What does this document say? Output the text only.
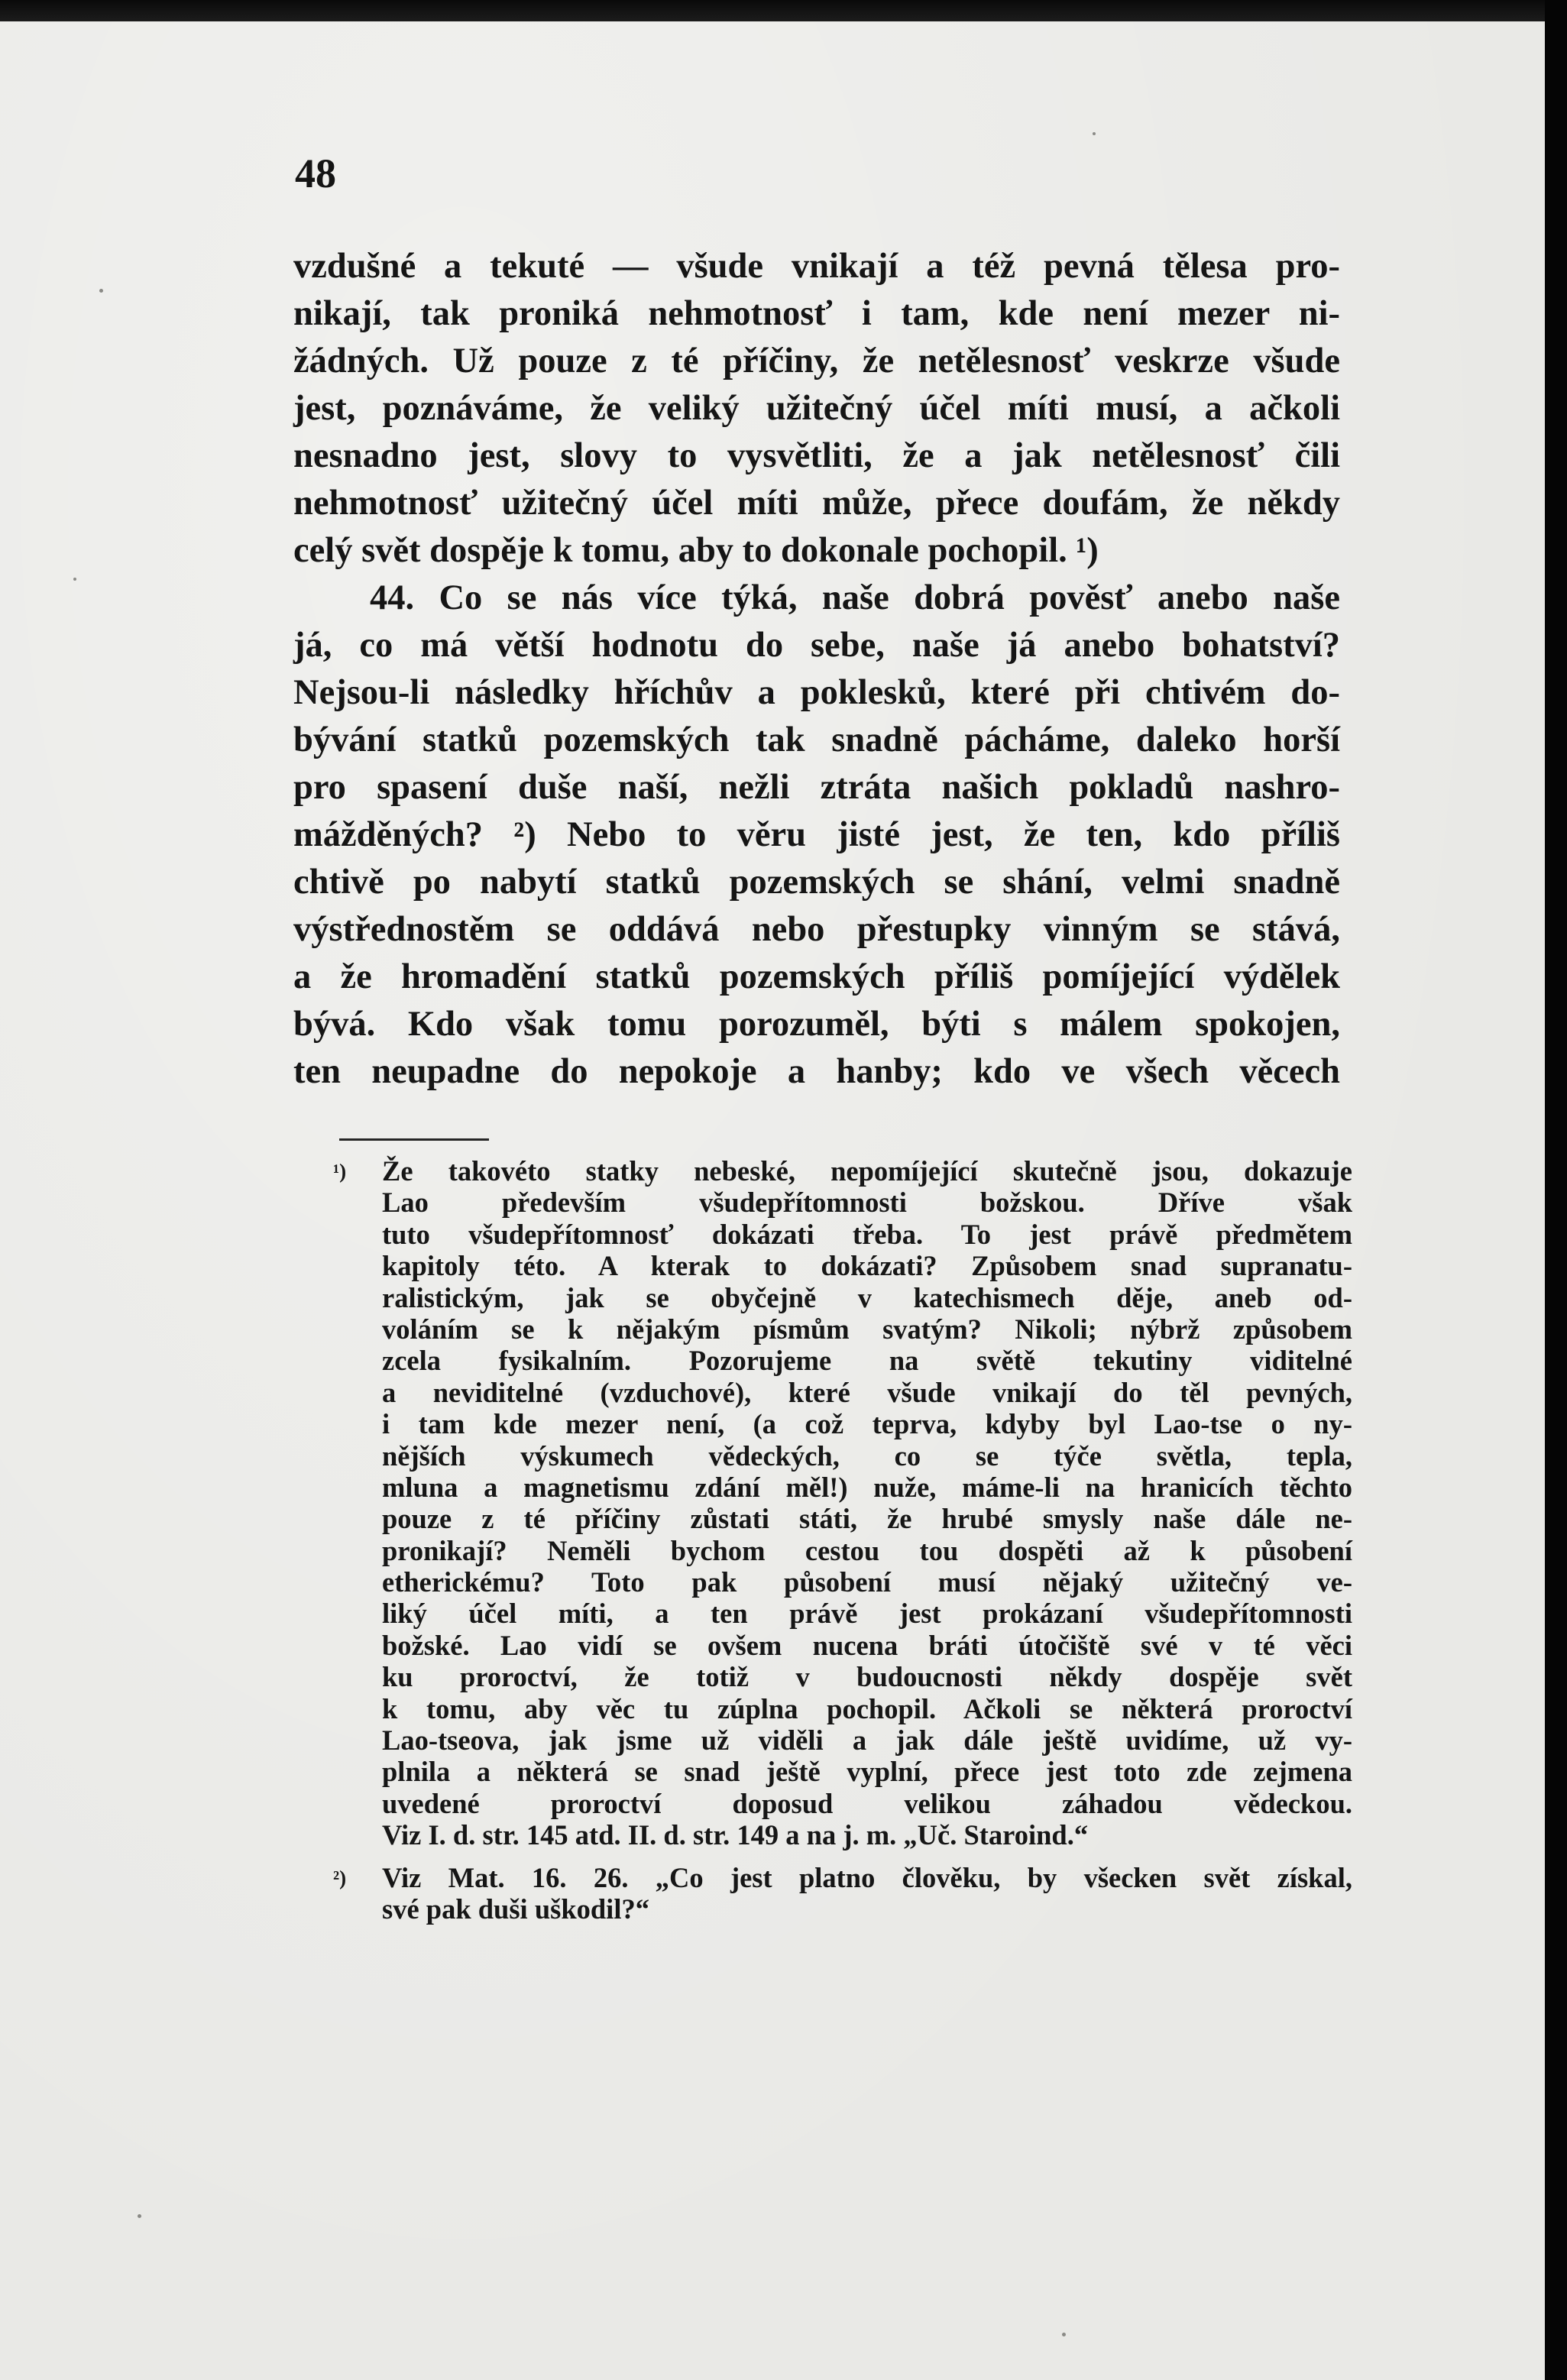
48
vzdušné a tekuté — všude vnikají a též pevná tělesa pro-
nikají, tak proniká nehmotnosť i tam, kde není mezer ni-
žádných. Už pouze z té příčiny, že netělesnosť veskrze všude
jest, poznáváme, že veliký užitečný účel míti musí, a ačkoli
nesnadno jest, slovy to vysvětliti, že a jak netělesnosť čili
nehmotnosť užitečný účel míti může, přece doufám, že někdy
celý svět dospěje k tomu, aby to dokonale pochopil. ¹)
44. Co se nás více týká, naše dobrá pověsť anebo naše
já, co má větší hodnotu do sebe, naše já anebo bohatství?
Nejsou-li následky hříchův a poklesků, které při chtivém do-
bývání statků pozemských tak snadně pácháme, daleko horší
pro spasení duše naší, nežli ztráta našich pokladů nashro-
mážděných? ²) Nebo to věru jisté jest, že ten, kdo příliš
chtivě po nabytí statků pozemských se shání, velmi snadně
výstřednostěm se oddává nebo přestupky vinným se stává,
a že hromadění statků pozemských příliš pomíjející výdělek
bývá. Kdo však tomu porozuměl, býti s málem spokojen,
ten neupadne do nepokoje a hanby; kdo ve všech věcech
¹)	Že takovéto statky nebeské, nepomíjející skutečně jsou, dokazuje
Lao především všudepřítomnosti božskou. Dříve však
tuto všudepřítomnosť dokázati třeba. To jest právě předmětem
kapitoly této. A kterak to dokázati? Způsobem snad supranatu-
ralistickým, jak se obyčejně v katechismech děje, aneb od-
voláním se k nějakým písmům svatým? Nikoli; nýbrž způsobem
zcela fysikalním. Pozorujeme na světě tekutiny viditelné
a neviditelné (vzduchové), které všude vnikají do těl pevných,
i tam kde mezer není, (a což teprva, kdyby byl Lao-tse o ny-
nějších výskumech vědeckých, co se týče světla, tepla,
mluna a magnetismu zdání měl!) nuže, máme-li na hranicích těchto
pouze z té příčiny zůstati státi, že hrubé smysly naše dále ne-
pronikají? Neměli bychom cestou tou dospěti až k působení
etherickému? Toto pak působení musí nějaký užitečný ve-
liký účel míti, a ten právě jest prokázaní všudepřítomnosti
božské. Lao vidí se ovšem nucena bráti útočiště své v té věci
ku proroctví, že totiž v budoucnosti někdy dospěje svět
k tomu, aby věc tu zúplna pochopil. Ačkoli se některá proroctví
Lao-tseova, jak jsme už viděli a jak dále ještě uvidíme, už vy-
plnila a některá se snad ještě vyplní, přece jest toto zde zejmena
uvedené proroctví doposud velikou záhadou vědeckou.
Viz I. d. str. 145 atd. II. d. str. 149 a na j. m. „Uč. Staroind.“
²)	Viz Mat. 16. 26. „Co jest platno člověku, by všecken svět získal,
své pak duši uškodil?“
